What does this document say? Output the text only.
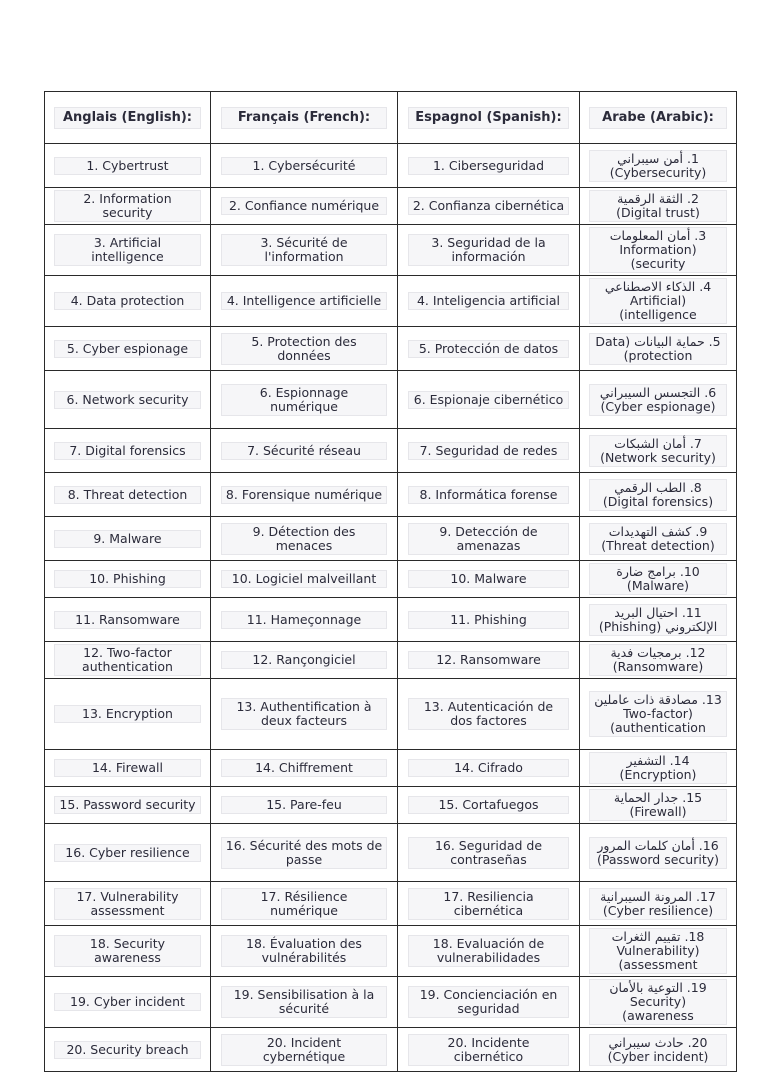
Anglais (English):	Français (French):	Espagnol (Spanish):	Arabe (Arabic):

1. Cybertrust	1. Cybersécurité	1. Ciberseguridad	1. أمن سيبراني (Cybersecurity)

2. Information security	2. Confiance numérique	2. Confianza cibernética	2. الثقة الرقمية (Digital trust)

3. Artificial intelligence	3. Sécurité de l'information	3. Seguridad de la información	3. أمان المعلومات (Information security)

4. Data protection	4. Intelligence artificielle	4. Inteligencia artificial	4. الذكاء الاصطناعي (Artificial intelligence)

5. Cyber espionage	5. Protection des données	5. Protección de datos	5. حماية البيانات (Data protection)

6. Network security	6. Espionnage numérique	6. Espionaje cibernético	6. التجسس السيبراني (Cyber espionage)

7. Digital forensics	7. Sécurité réseau	7. Seguridad de redes	7. أمان الشبكات (Network security)

8. Threat detection	8. Forensique numérique	8. Informática forense	8. الطب الرقمي (Digital forensics)

9. Malware	9. Détection des menaces	9. Detección de amenazas	9. كشف التهديدات (Threat detection)

10. Phishing	10. Logiciel malveillant	10. Malware	10. برامج ضارة (Malware)

11. Ransomware	11. Hameçonnage	11. Phishing	11. احتيال البريد الإلكتروني (Phishing)

12. Two-factor authentication	12. Rançongiciel	12. Ransomware	12. برمجيات فدية (Ransomware)

13. Encryption	13. Authentification à deux facteurs	13. Autenticación de dos factores	13. مصادقة ذات عاملين (Two-factor authentication)

14. Firewall	14. Chiffrement	14. Cifrado	14. التشفير (Encryption)

15. Password security	15. Pare-feu	15. Cortafuegos	15. جدار الحماية (Firewall)

16. Cyber resilience	16. Sécurité des mots de passe	16. Seguridad de contraseñas	16. أمان كلمات المرور (Password security)

17. Vulnerability assessment	17. Résilience numérique	17. Resiliencia cibernética	17. المرونة السيبرانية (Cyber resilience)

18. Security awareness	18. Évaluation des vulnérabilités	18. Evaluación de vulnerabilidades	18. تقييم الثغرات (Vulnerability assessment)

19. Cyber incident	19. Sensibilisation à la sécurité	19. Concienciación en seguridad	19. التوعية بالأمان (Security awareness)

20. Security breach	20. Incident cybernétique	20. Incidente cibernético	20. حادث سيبراني (Cyber incident)
